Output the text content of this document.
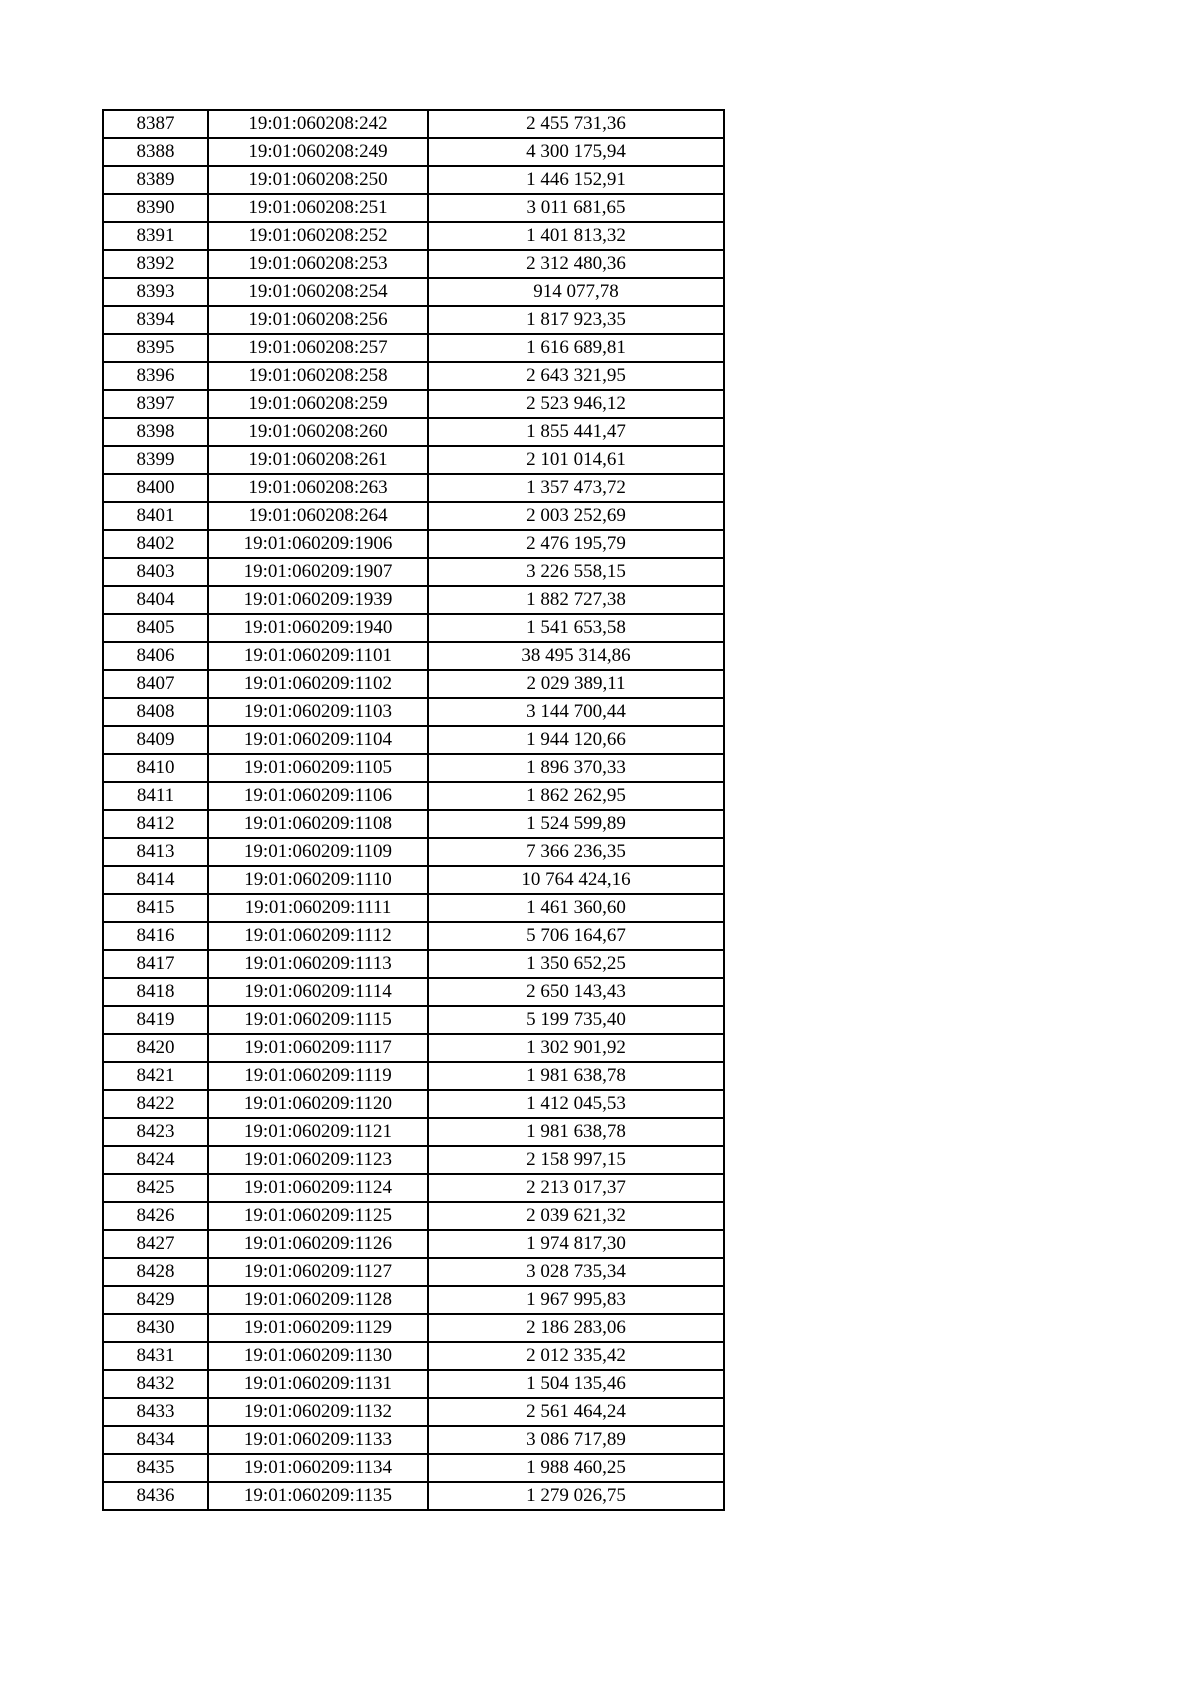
8387	19:01:060208:242	2 455 731,36
8388	19:01:060208:249	4 300 175,94
8389	19:01:060208:250	1 446 152,91
8390	19:01:060208:251	3 011 681,65
8391	19:01:060208:252	1 401 813,32
8392	19:01:060208:253	2 312 480,36
8393	19:01:060208:254	914 077,78
8394	19:01:060208:256	1 817 923,35
8395	19:01:060208:257	1 616 689,81
8396	19:01:060208:258	2 643 321,95
8397	19:01:060208:259	2 523 946,12
8398	19:01:060208:260	1 855 441,47
8399	19:01:060208:261	2 101 014,61
8400	19:01:060208:263	1 357 473,72
8401	19:01:060208:264	2 003 252,69
8402	19:01:060209:1906	2 476 195,79
8403	19:01:060209:1907	3 226 558,15
8404	19:01:060209:1939	1 882 727,38
8405	19:01:060209:1940	1 541 653,58
8406	19:01:060209:1101	38 495 314,86
8407	19:01:060209:1102	2 029 389,11
8408	19:01:060209:1103	3 144 700,44
8409	19:01:060209:1104	1 944 120,66
8410	19:01:060209:1105	1 896 370,33
8411	19:01:060209:1106	1 862 262,95
8412	19:01:060209:1108	1 524 599,89
8413	19:01:060209:1109	7 366 236,35
8414	19:01:060209:1110	10 764 424,16
8415	19:01:060209:1111	1 461 360,60
8416	19:01:060209:1112	5 706 164,67
8417	19:01:060209:1113	1 350 652,25
8418	19:01:060209:1114	2 650 143,43
8419	19:01:060209:1115	5 199 735,40
8420	19:01:060209:1117	1 302 901,92
8421	19:01:060209:1119	1 981 638,78
8422	19:01:060209:1120	1 412 045,53
8423	19:01:060209:1121	1 981 638,78
8424	19:01:060209:1123	2 158 997,15
8425	19:01:060209:1124	2 213 017,37
8426	19:01:060209:1125	2 039 621,32
8427	19:01:060209:1126	1 974 817,30
8428	19:01:060209:1127	3 028 735,34
8429	19:01:060209:1128	1 967 995,83
8430	19:01:060209:1129	2 186 283,06
8431	19:01:060209:1130	2 012 335,42
8432	19:01:060209:1131	1 504 135,46
8433	19:01:060209:1132	2 561 464,24
8434	19:01:060209:1133	3 086 717,89
8435	19:01:060209:1134	1 988 460,25
8436	19:01:060209:1135	1 279 026,75
